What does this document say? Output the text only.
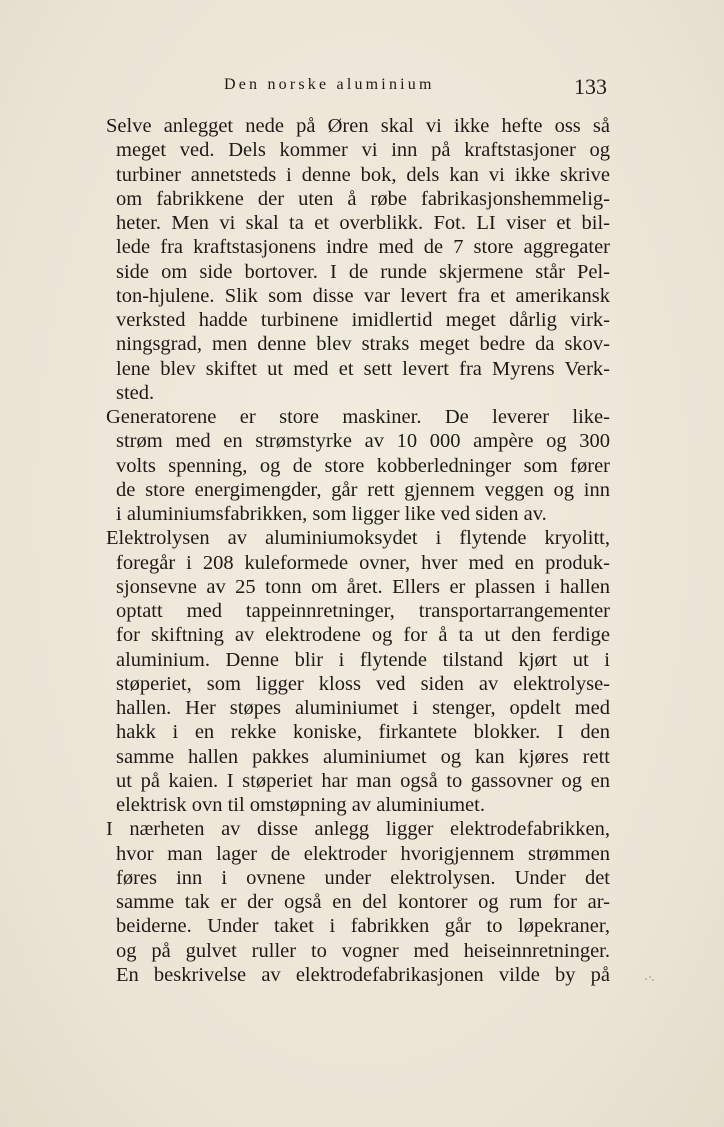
Den norske aluminium	133
Selve anlegget nede på Øren skal vi ikke hefte oss så
meget ved. Dels kommer vi inn på kraftstasjoner og
turbiner annetsteds i denne bok, dels kan vi ikke skrive
om fabrikkene der uten å røbe fabrikasjonshemmelig-
heter. Men vi skal ta et overblikk. Fot. LI viser et bil-
lede fra kraftstasjonens indre med de 7 store aggregater
side om side bortover. I de runde skjermene står Pel-
ton-hjulene. Slik som disse var levert fra et amerikansk
verksted hadde turbinene imidlertid meget dårlig virk-
ningsgrad, men denne blev straks meget bedre da skov-
lene blev skiftet ut med et sett levert fra Myrens Verk-
sted.
Generatorene er store maskiner. De leverer like-
strøm med en strømstyrke av 10 000 ampère og 300
volts spenning, og de store kobberledninger som fører
de store energimengder, går rett gjennem veggen og inn
i aluminiumsfabrikken, som ligger like ved siden av.
Elektrolysen av aluminiumoksydet i flytende kryolitt,
foregår i 208 kuleformede ovner, hver med en produk-
sjonsevne av 25 tonn om året. Ellers er plassen i hallen
optatt med tappeinnretninger, transportarrangementer
for skiftning av elektrodene og for å ta ut den ferdige
aluminium. Denne blir i flytende tilstand kjørt ut i
støperiet, som ligger kloss ved siden av elektrolyse-
hallen. Her støpes aluminiumet i stenger, opdelt med
hakk i en rekke koniske, firkantete blokker. I den
samme hallen pakkes aluminiumet og kan kjøres rett
ut på kaien. I støperiet har man også to gassovner og en
elektrisk ovn til omstøpning av aluminiumet.
I nærheten av disse anlegg ligger elektrodefabrikken,
hvor man lager de elektroder hvorigjennem strømmen
føres inn i ovnene under elektrolysen. Under det
samme tak er der også en del kontorer og rum for ar-
beiderne. Under taket i fabrikken går to løpekraner,
og på gulvet ruller to vogner med heiseinnretninger.
En beskrivelse av elektrodefabrikasjonen vilde by på
